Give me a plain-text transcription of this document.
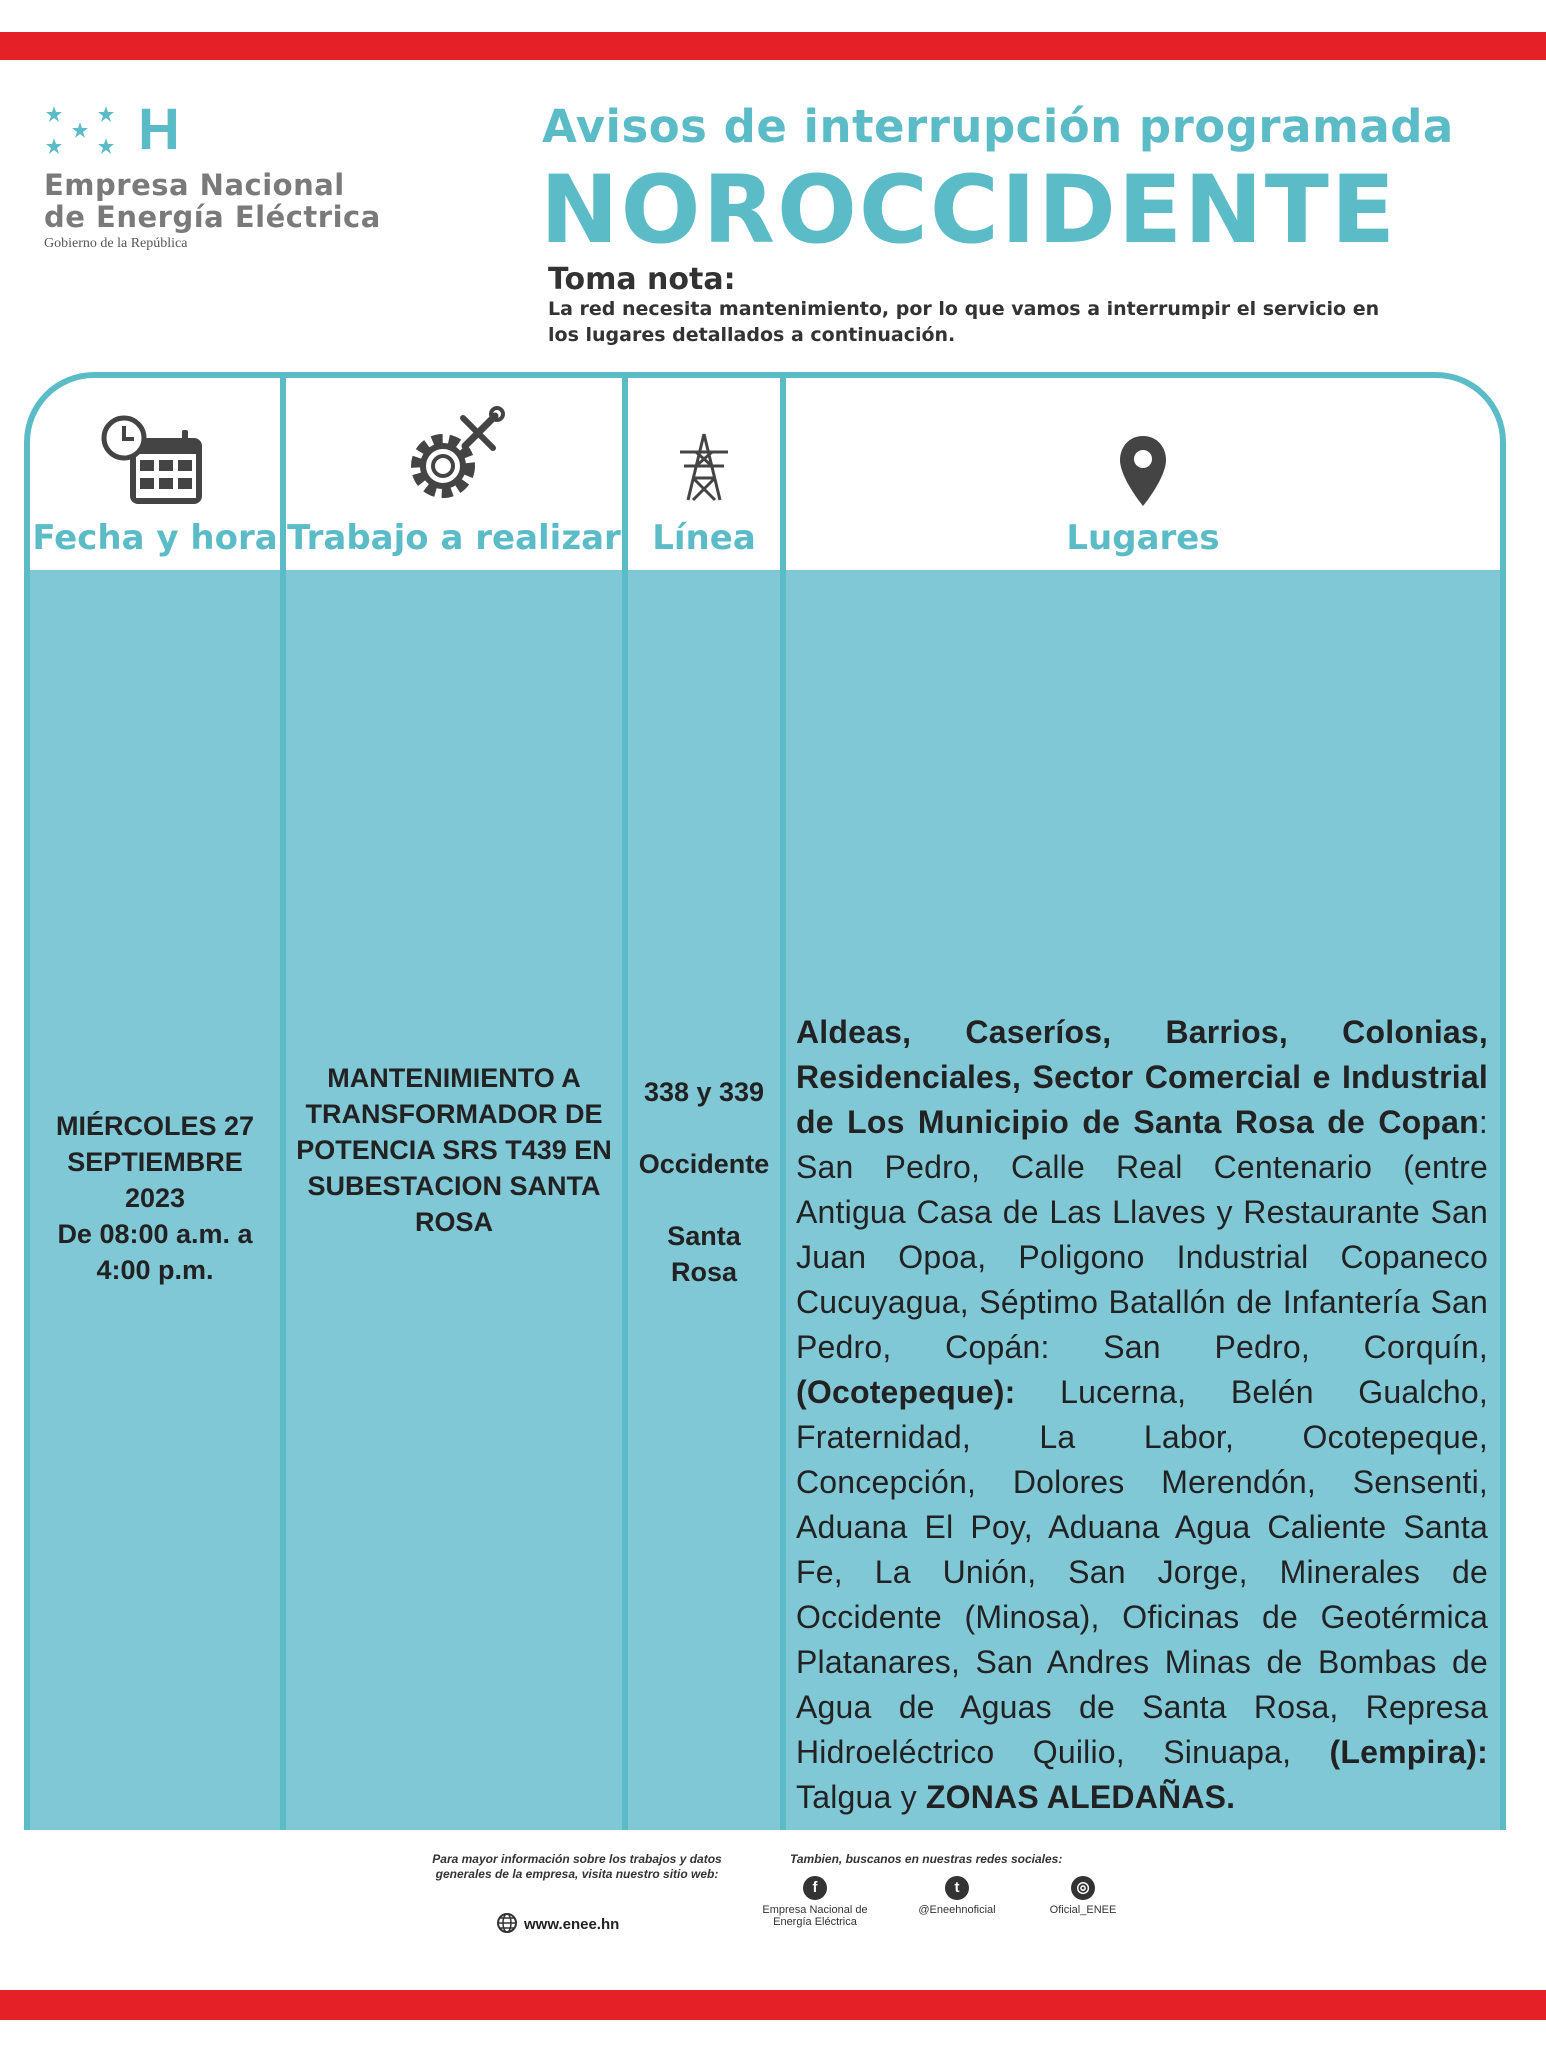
H
Empresa Nacional
de Energía Eléctrica
Gobierno de la República
Avisos de interrupción programada
NOROCCIDENTE
Toma nota:
La red necesita mantenimiento, por lo que vamos a interrumpir el servicio en los lugares detallados a continuación.
Fecha y hora
MIÉRCOLES 27
SEPTIEMBRE 2023
De 08:00 a.m. a
4:00 p.m.
Trabajo a realizar
MANTENIMIENTO A TRANSFORMADOR DE POTENCIA SRS T439 EN SUBESTACION SANTA ROSA
Línea
338 y 339
Occidente
Santa
Rosa
Lugares
Aldeas, Caseríos, Barrios, Colonias, Residenciales, Sector Comercial e Industrial de Los Municipio de Santa Rosa de Copan: San Pedro, Calle Real Centenario (entre Antigua Casa de Las Llaves y Restaurante San Juan Opoa, Poligono Industrial Copaneco Cucuyagua, Séptimo Batallón de Infantería San Pedro, Copán: San Pedro, Corquín, (Ocotepeque): Lucerna, Belén Gualcho, Fraternidad, La Labor, Ocotepeque, Concepción, Dolores Merendón, Sensenti, Aduana El Poy, Aduana Agua Caliente Santa Fe, La Unión, San Jorge, Minerales de Occidente (Minosa), Oficinas de Geotérmica Platanares, San Andres Minas de Bombas de Agua de Aguas de Santa Rosa, Represa Hidroeléctrico Quilio, Sinuapa, (Lempira): Talgua y ZONAS ALEDAÑAS.
Para mayor información sobre los trabajos y datos generales de la empresa, visita nuestro sitio web:
www.enee.hn
Tambien, buscanos en nuestras redes sociales:
f
Empresa Nacional de Energía Eléctrica
t
@Eneehnoficial
◎
Oficial_ENEE
